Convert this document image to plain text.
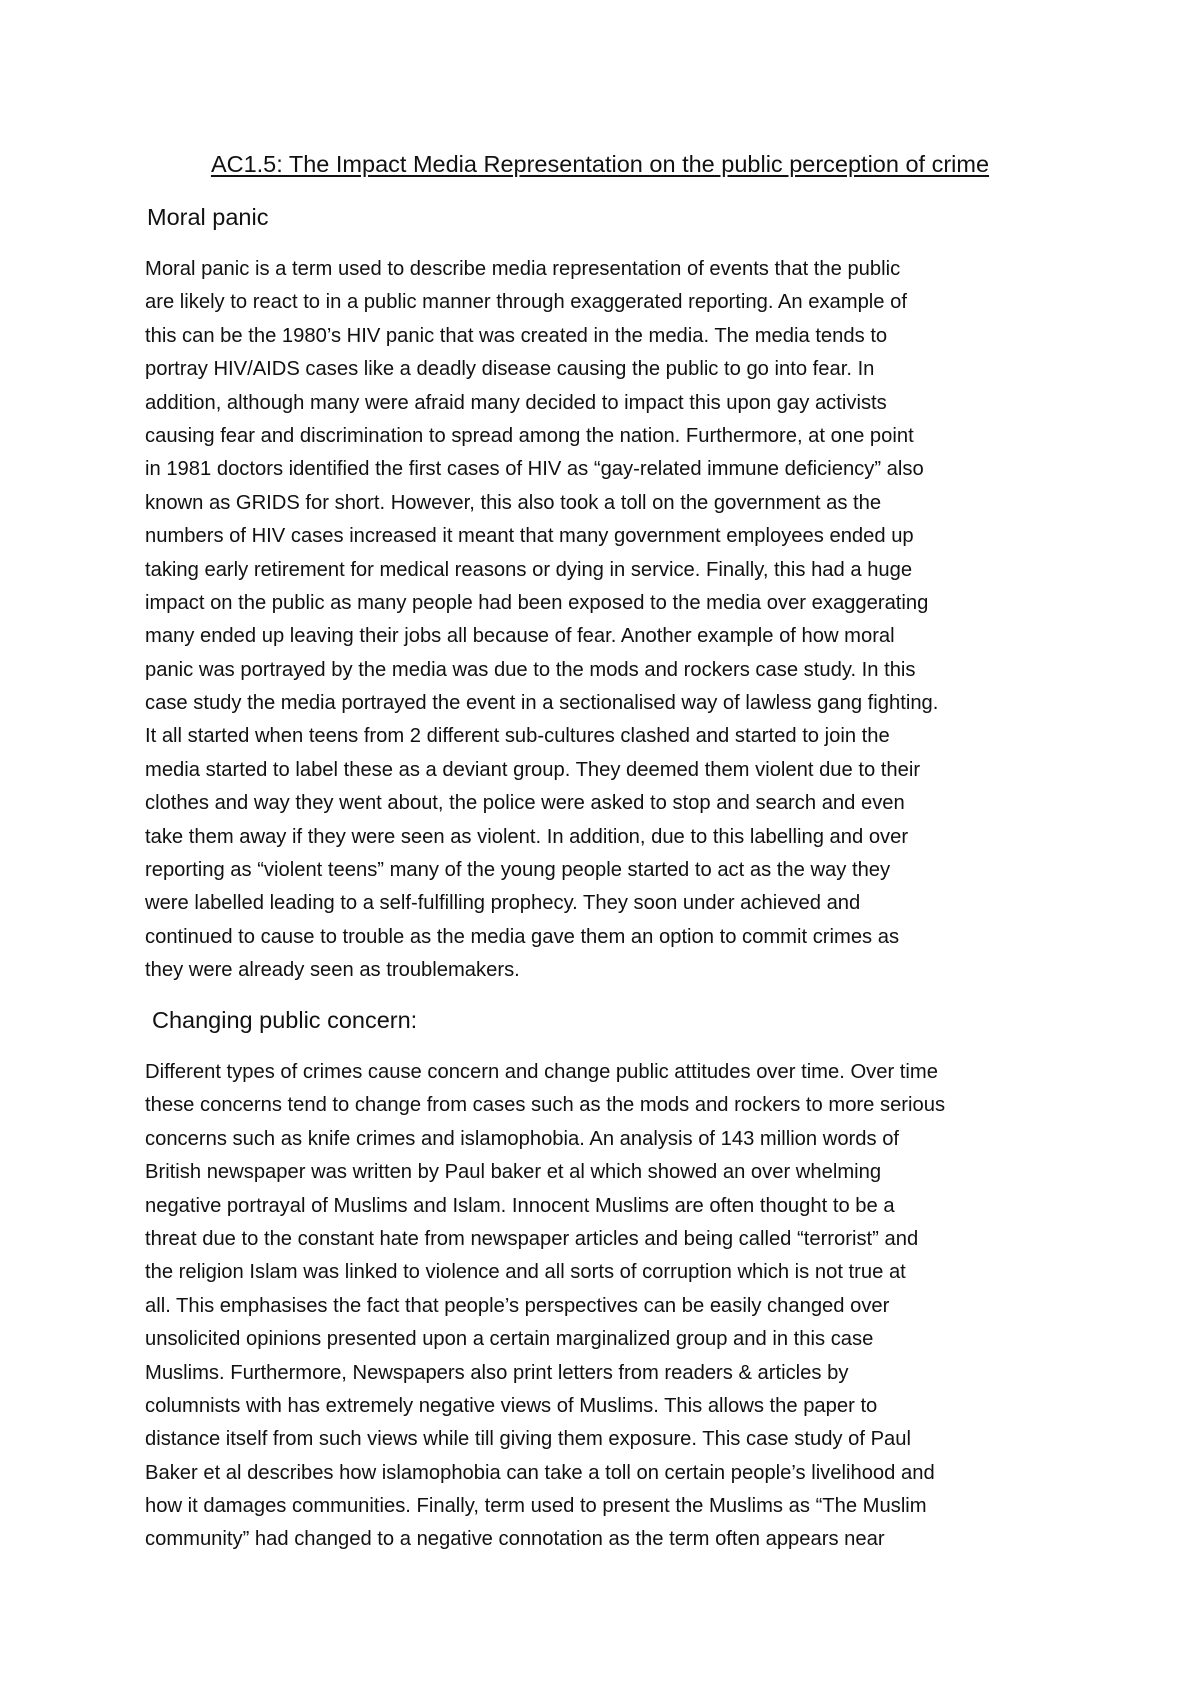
AC1.5: The Impact Media Representation on the public perception of crime
Moral panic
Moral panic is a term used to describe media representation of events that the public
are likely to react to in a public manner through exaggerated reporting. An example of
this can be the 1980’s HIV panic that was created in the media. The media tends to
portray HIV/AIDS cases like a deadly disease causing the public to go into fear. In
addition, although many were afraid many decided to impact this upon gay activists
causing fear and discrimination to spread among the nation. Furthermore, at one point
in 1981 doctors identified the first cases of HIV as “gay-related immune deficiency” also
known as GRIDS for short. However, this also took a toll on the government as the
numbers of HIV cases increased it meant that many government employees ended up
taking early retirement for medical reasons or dying in service. Finally, this had a huge
impact on the public as many people had been exposed to the media over exaggerating
many ended up leaving their jobs all because of fear. Another example of how moral
panic was portrayed by the media was due to the mods and rockers case study. In this
case study the media portrayed the event in a sectionalised way of lawless gang fighting.
It all started when teens from 2 different sub-cultures clashed and started to join the
media started to label these as a deviant group. They deemed them violent due to their
clothes and way they went about, the police were asked to stop and search and even
take them away if they were seen as violent. In addition, due to this labelling and over
reporting as “violent teens” many of the young people started to act as the way they
were labelled leading to a self-fulfilling prophecy. They soon under achieved and
continued to cause to trouble as the media gave them an option to commit crimes as
they were already seen as troublemakers.
Changing public concern:
Different types of crimes cause concern and change public attitudes over time. Over time
these concerns tend to change from cases such as the mods and rockers to more serious
concerns such as knife crimes and islamophobia. An analysis of 143 million words of
British newspaper was written by Paul baker et al which showed an over whelming
negative portrayal of Muslims and Islam. Innocent Muslims are often thought to be a
threat due to the constant hate from newspaper articles and being called “terrorist” and
the religion Islam was linked to violence and all sorts of corruption which is not true at
all. This emphasises the fact that people’s perspectives can be easily changed over
unsolicited opinions presented upon a certain marginalized group and in this case
Muslims. Furthermore, Newspapers also print letters from readers & articles by
columnists with has extremely negative views of Muslims. This allows the paper to
distance itself from such views while till giving them exposure. This case study of Paul
Baker et al describes how islamophobia can take a toll on certain people’s livelihood and
how it damages communities. Finally, term used to present the Muslims as “The Muslim
community” had changed to a negative connotation as the term often appears near
